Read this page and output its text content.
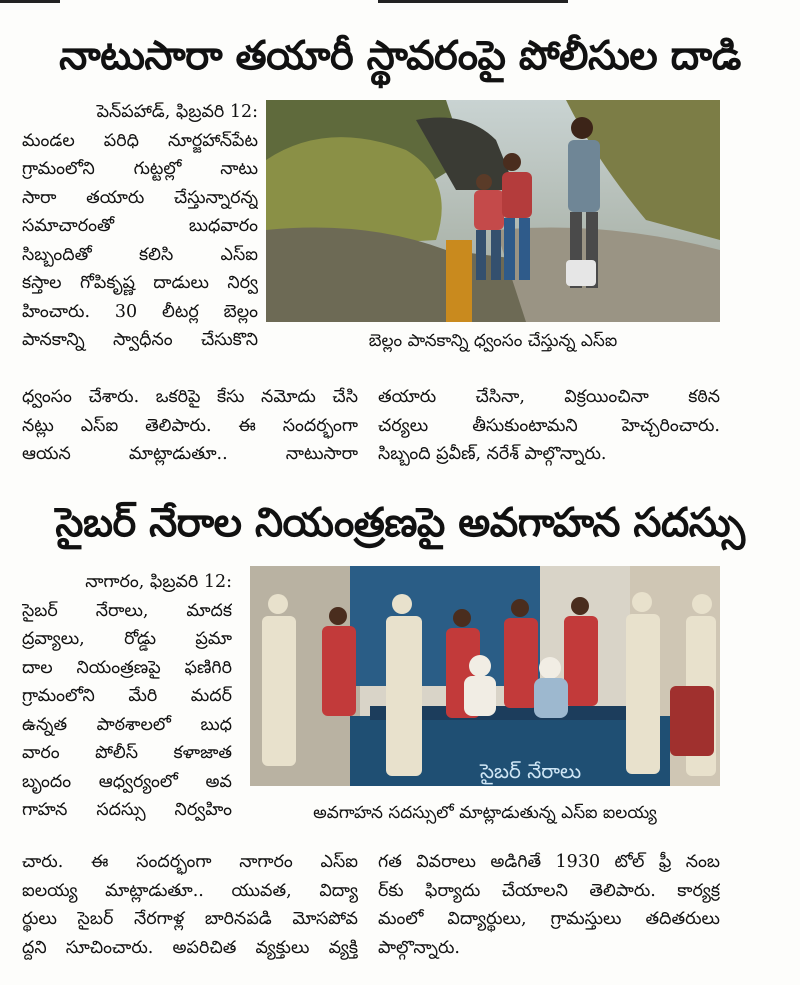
నాటుసారా తయారీ స్థావరంపై పోలీసుల దాడి
పెన్‌పహాడ్‌, ఫిబ్రవరి 12:
మండల పరిధి నూర్జహాన్‌పేట
గ్రామంలోని గుట్టల్లో నాటు
సారా తయారు చేస్తున్నారన్న
సమాచారంతో బుధవారం
సిబ్బందితో కలిసి ఎస్‌ఐ
కస్తాల గోపికృష్ణ దాడులు నిర్వ
హించారు. 30 లీటర్ల బెల్లం
పానకాన్ని స్వాధీనం చేసుకొని	బెల్లం పానకాన్ని ధ్వంసం చేస్తున్న ఎస్‌ఐ
ధ్వంసం చేశారు. ఒకరిపై కేసు నమోదు చేసి
నట్లు ఎస్‌ఐ తెలిపారు. ఈ సందర్భంగా
ఆయన మాట్లాడుతూ.. నాటుసారా
తయారు చేసినా, విక్రయించినా కఠిన
చర్యలు తీసుకుంటామని హెచ్చరించారు.
సిబ్బంది ప్రవీణ్‌, నరేశ్‌ పాల్గొన్నారు.
సైబర్‌ నేరాల నియంత్రణపై అవగాహన సదస్సు
నాగారం, ఫిబ్రవరి 12:
సైబర్‌ నేరాలు, మాదక
ద్రవ్యాలు, రోడ్డు ప్రమా
దాల నియంత్రణపై ఫణిగిరి
గ్రామంలోని మేరి మదర్‌
ఉన్నత పాఠశాలలో బుధ
వారం పోలీస్‌ కళాజాత
బృందం ఆధ్వర్యంలో అవ
గాహన సదస్సు నిర్వహిం
సైబర్‌ నేరాలు
అవగాహన సదస్సులో మాట్లాడుతున్న ఎస్‌ఐ ఐలయ్య
చారు. ఈ సందర్భంగా నాగారం ఎస్‌ఐ
ఐలయ్య మాట్లాడుతూ.. యువత, విద్యా
ర్థులు సైబర్‌ నేరగాళ్ల బారినపడి మోసపోవ
ద్దని సూచించారు. అపరిచిత వ్యక్తులు వ్యక్తి
గత వివరాలు అడిగితే 1930 టోల్‌ ఫ్రీ నంబ
ర్‌కు ఫిర్యాదు చేయాలని తెలిపారు. కార్యక్ర
మంలో విద్యార్థులు, గ్రామస్తులు తదితరులు
పాల్గొన్నారు.
